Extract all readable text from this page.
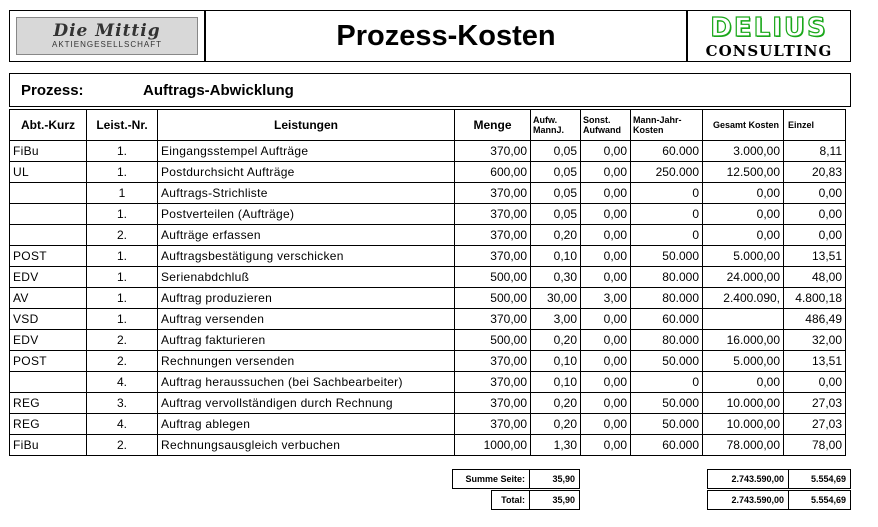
Die Mittig
AKTIENGESELLSCHAFT	Prozess-Kosten	DELIUS
CONSULTING
Prozess:	Auftrags-Abwicklung
Abt.-Kurz	Leist.-Nr.	Leistungen	Menge	Aufw. MannJ.	Sonst. Aufwand	Mann-Jahr-Kosten	Gesamt Kosten	Einzel
FiBu	1.	Eingangsstempel Aufträge	370,00	0,05	0,00	60.000	3.000,00	8,11
UL	1.	Postdurchsicht Aufträge	600,00	0,05	0,00	250.000	12.500,00	20,83
	1	Auftrags-Strichliste	370,00	0,05	0,00	0	0,00	0,00
	1.	Postverteilen (Aufträge)	370,00	0,05	0,00	0	0,00	0,00
	2.	Aufträge erfassen	370,00	0,20	0,00	0	0,00	0,00
POST	1.	Auftragsbestätigung verschicken	370,00	0,10	0,00	50.000	5.000,00	13,51
EDV	1.	Serienabdchluß	500,00	0,30	0,00	80.000	24.000,00	48,00
AV	1.	Auftrag produzieren	500,00	30,00	3,00	80.000	2.400.090,	4.800,18
VSD	1.	Auftrag versenden	370,00	3,00	0,00	60.000		486,49
EDV	2.	Auftrag fakturieren	500,00	0,20	0,00	80.000	16.000,00	32,00
POST	2.	Rechnungen versenden	370,00	0,10	0,00	50.000	5.000,00	13,51
	4.	Auftrag heraussuchen (bei Sachbearbeiter)	370,00	0,10	0,00	0	0,00	0,00
REG	3.	Auftrag vervollständigen durch Rechnung	370,00	0,20	0,00	50.000	10.000,00	27,03
REG	4.	Auftrag ablegen	370,00	0,20	0,00	50.000	10.000,00	27,03
FiBu	2.	Rechnungsausgleich verbuchen	1000,00	1,30	0,00	60.000	78.000,00	78,00
Summe Seite:	35,90	2.743.590,00	5.554,69
Total:	35,90	2.743.590,00	5.554,69
